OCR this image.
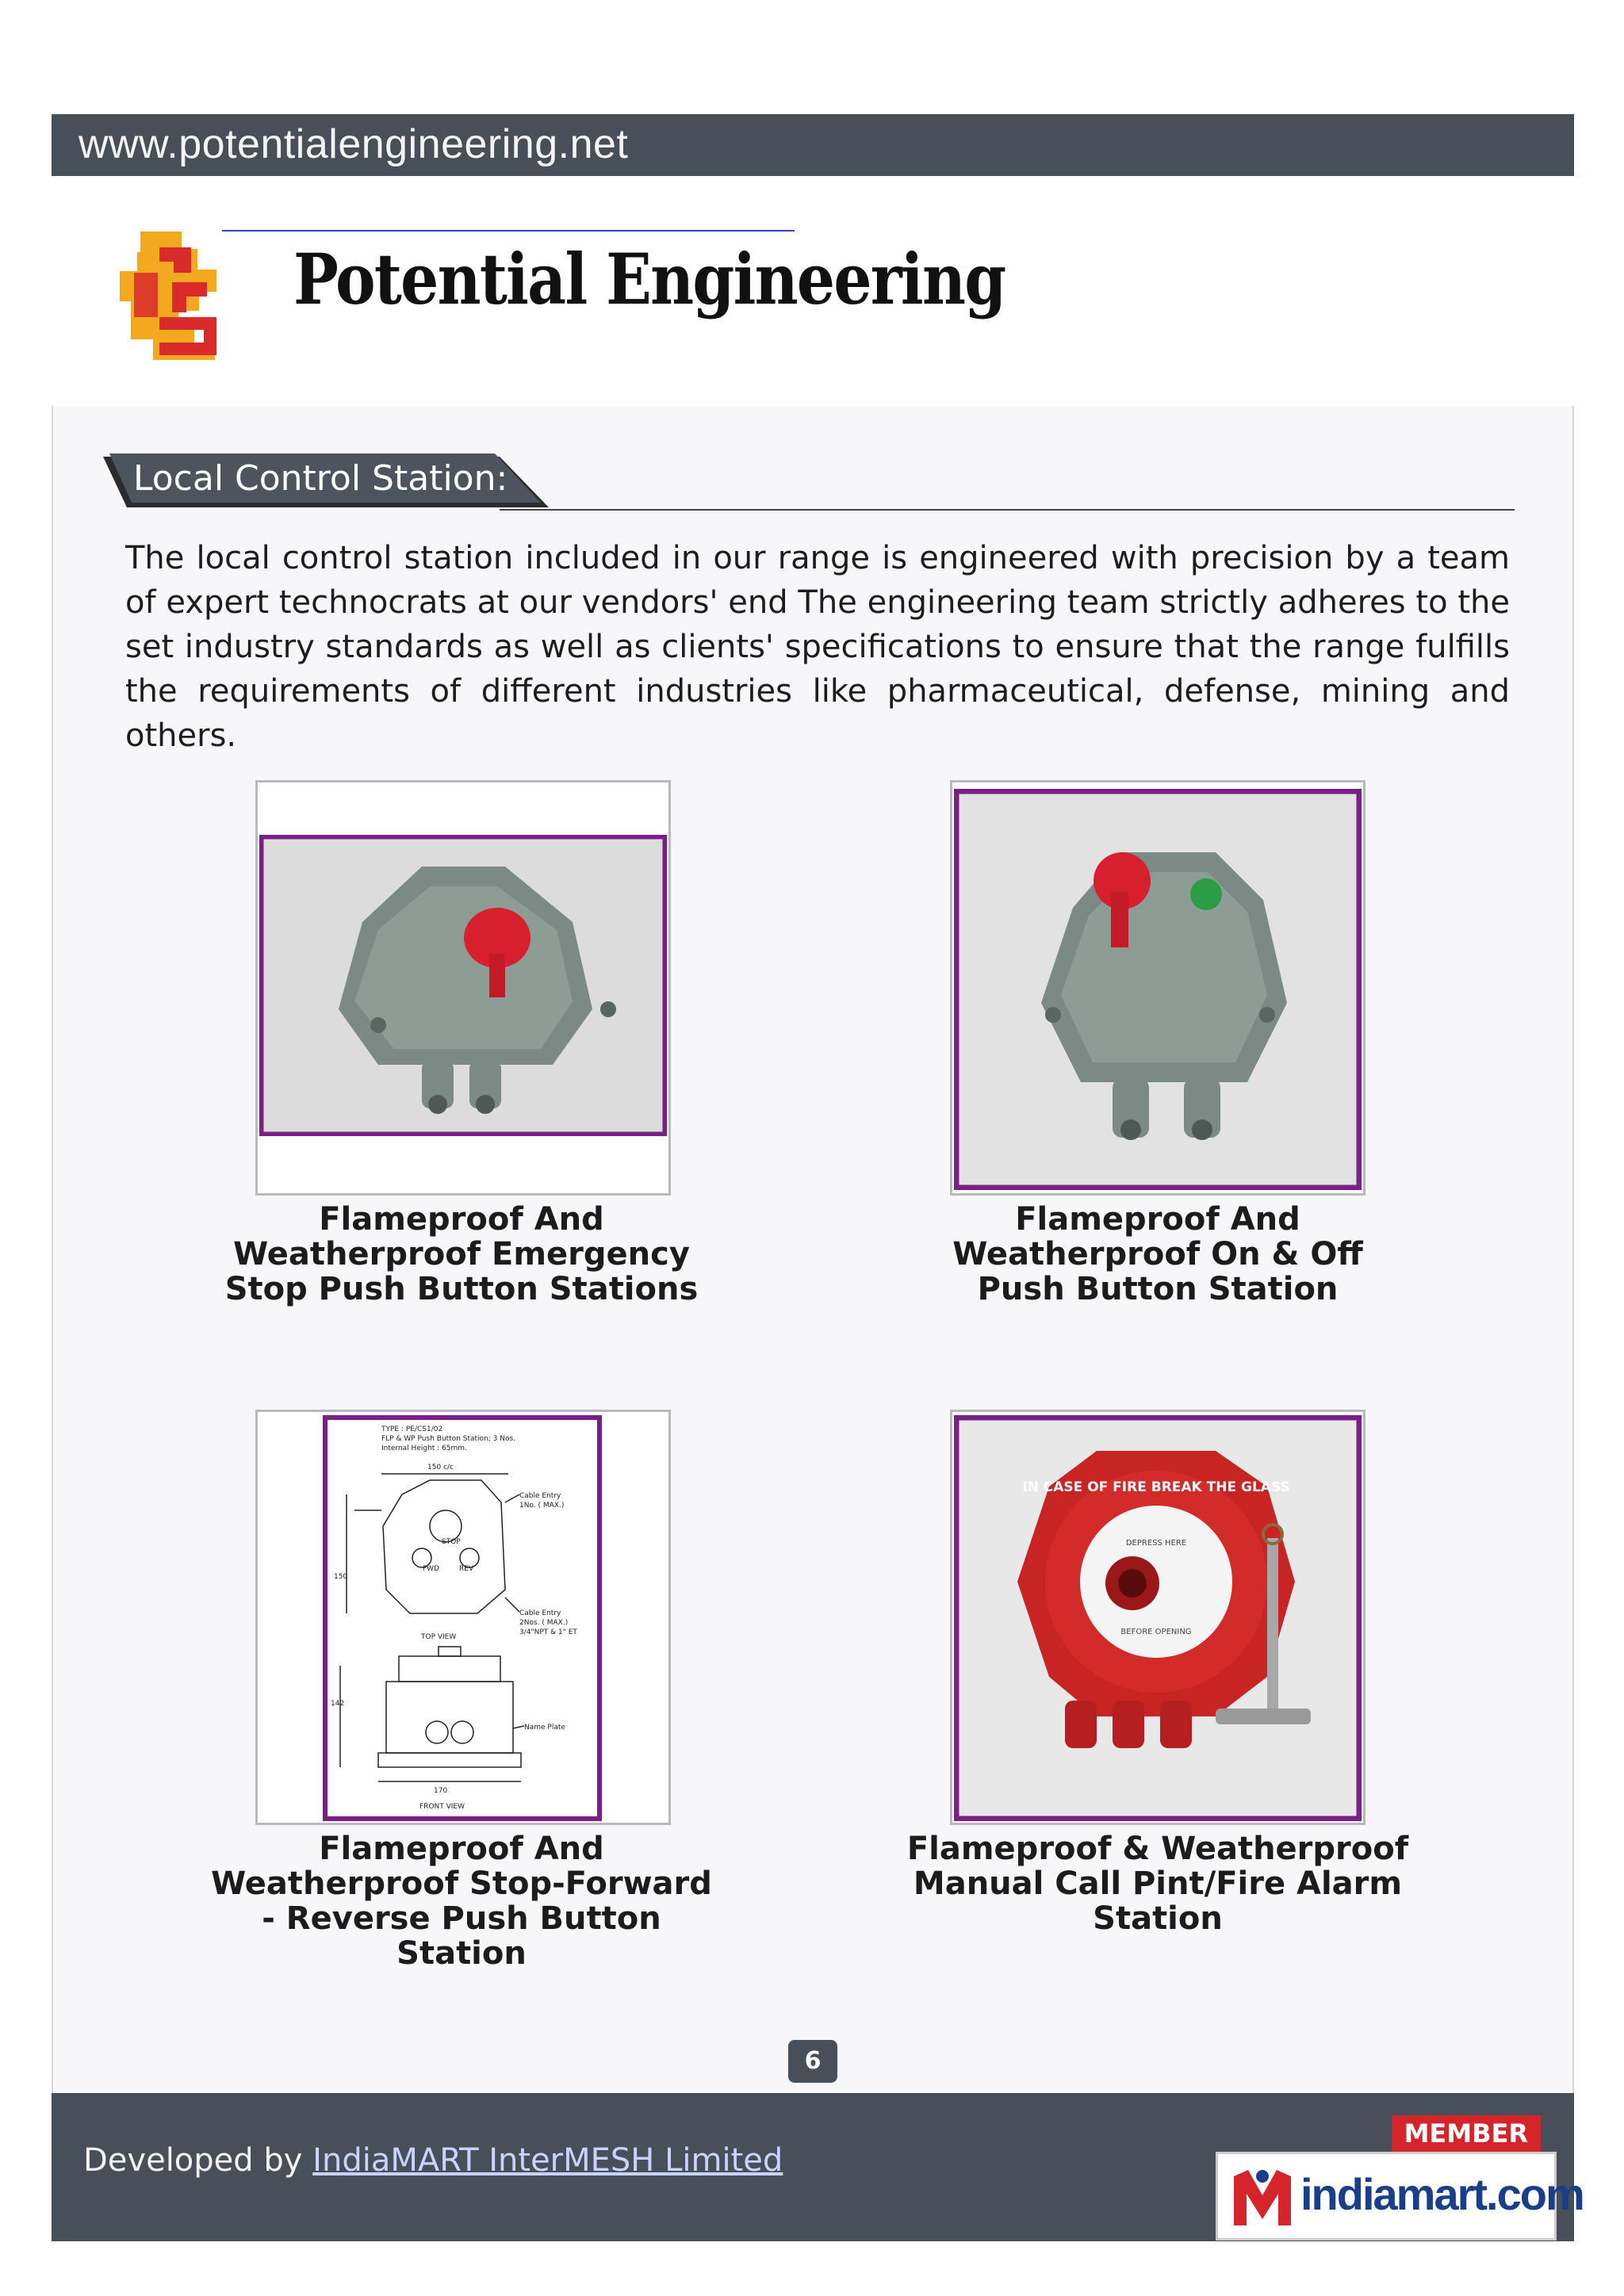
www.potentialengineering.net
Potential Engineering
Local Control Station:

The local control station included in our range is engineered with precision by a team of expert technocrats at our vendors' end The engineering team strictly adheres to the set industry standards as well as clients' specifications to ensure that the range fulfills the requirements of different industries like pharmaceutical, defense, mining and others.

Flameproof And Weatherproof Emergency Stop Push Button Stations
Flameproof And Weatherproof On & Off Push Button Station
TYPE : PE/CS1/02
FLP & WP Push Button Station; 3 Nos.
Internal Height : 65mm.
150 c/c
Cable Entry
1No. ( MAX.)
Cable Entry
2Nos. ( MAX.)
3/4"NPT & 1" ET
TOP VIEW
Name Plate
STOP
FWD	REV
150
142
170
FRONT VIEW
Flameproof And Weatherproof Stop-Forward - Reverse Push Button Station
IN CASE OF FIRE BREAK THE GLASS
DEPRESS HERE
BEFORE OPENING
Flameproof & Weatherproof Manual Call Pint/Fire Alarm Station
6
Developed by IndiaMART InterMESH Limited
MEMBER
indiamart.com
